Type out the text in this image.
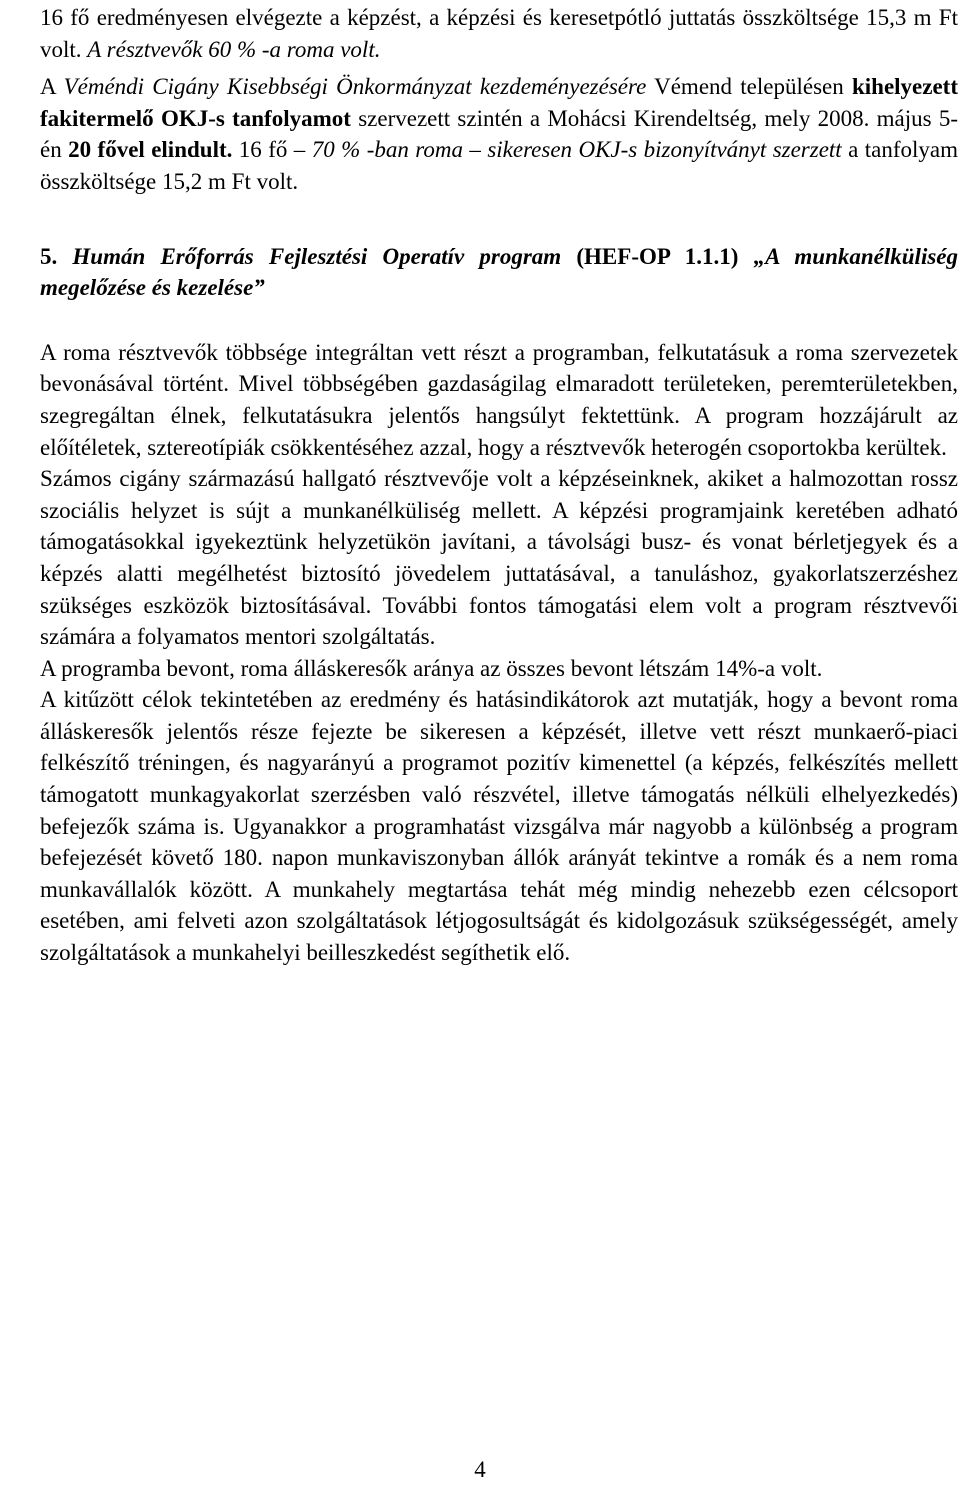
16 fő eredményesen elvégezte a képzést, a képzési és keresetpótló juttatás összköltsége 15,3 m Ft volt. A résztvevők 60 % -a roma volt.

A Véméndi Cigány Kisebbségi Önkormányzat kezdeményezésére Vémend településen kihelyezett fakitermelő OKJ-s tanfolyamot szervezett szintén a Mohácsi Kirendeltség, mely 2008. május 5-én 20 fővel elindult. 16 fő – 70 % -ban roma – sikeresen OKJ-s bizonyítványt szerzett a tanfolyam összköltsége 15,2 m Ft volt.

5. Humán Erőforrás Fejlesztési Operatív program (HEF-OP 1.1.1) „A munkanélküliség megelőzése és kezelése”

A roma résztvevők többsége integráltan vett részt a programban, felkutatásuk a roma szervezetek bevonásával történt. Mivel többségében gazdaságilag elmaradott területeken, peremterületekben, szegregáltan élnek, felkutatásukra jelentős hangsúlyt fektettünk. A program hozzájárult az előítéletek, sztereotípiák csökkentéséhez azzal, hogy a résztvevők heterogén csoportokba kerültek.

Számos cigány származású hallgató résztvevője volt a képzéseinknek, akiket a halmozottan rossz szociális helyzet is sújt a munkanélküliség mellett. A képzési programjaink keretében adható támogatásokkal igyekeztünk helyzetükön javítani, a távolsági busz- és vonat bérletjegyek és a képzés alatti megélhetést biztosító jövedelem juttatásával, a tanuláshoz, gyakorlatszerzéshez szükséges eszközök biztosításával. További fontos támogatási elem volt a program résztvevői számára a folyamatos mentori szolgáltatás.

A programba bevont, roma álláskeresők aránya az összes bevont létszám 14%-a volt.

A kitűzött célok tekintetében az eredmény és hatásindikátorok azt mutatják, hogy a bevont roma álláskeresők jelentős része fejezte be sikeresen a képzését, illetve vett részt munkaerő-piaci felkészítő tréningen, és nagyarányú a programot pozitív kimenettel (a képzés, felkészítés mellett támogatott munkagyakorlat szerzésben való részvétel, illetve támogatás nélküli elhelyezkedés) befejezők száma is. Ugyanakkor a programhatást vizsgálva már nagyobb a különbség a program befejezését követő 180. napon munkaviszonyban állók arányát tekintve a romák és a nem roma munkavállalók között. A munkahely megtartása tehát még mindig nehezebb ezen célcsoport esetében, ami felveti azon szolgáltatások létjogosultságát és kidolgozásuk szükségességét, amely szolgáltatások a munkahelyi beilleszkedést segíthetik elő.

4
